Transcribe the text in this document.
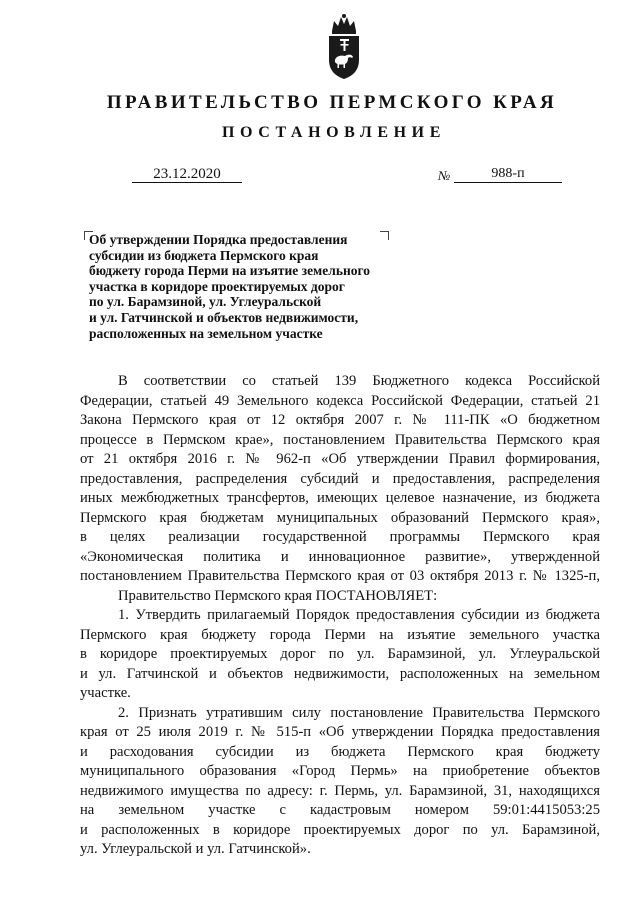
ПРАВИТЕЛЬСТВО ПЕРМСКОГО КРАЯ
ПОСТАНОВЛЕНИЕ
23.12.2020	№	988-п
Об утверждении Порядка предоставления
субсидии из бюджета Пермского края
бюджету города Перми на изъятие земельного
участка в коридоре проектируемых дорог
по ул. Барамзиной, ул. Углеуральской
и ул. Гатчинской и объектов недвижимости,
расположенных на земельном участке
В соответствии со статьей 139 Бюджетного кодекса Российской
Федерации, статьей 49 Земельного кодекса Российской Федерации, статьей 21
Закона Пермского края от 12 октября 2007 г. № 111-ПК «О бюджетном
процессе в Пермском крае», постановлением Правительства Пермского края
от 21 октября 2016 г. № 962-п «Об утверждении Правил формирования,
предоставления, распределения субсидий и предоставления, распределения
иных межбюджетных трансфертов, имеющих целевое назначение, из бюджета
Пермского края бюджетам муниципальных образований Пермского края»,
в целях реализации государственной программы Пермского края
«Экономическая политика и инновационное развитие», утвержденной
постановлением Правительства Пермского края от 03 октября 2013 г. № 1325-п,
Правительство Пермского края ПОСТАНОВЛЯЕТ:
1. Утвердить прилагаемый Порядок предоставления субсидии из бюджета
Пермского края бюджету города Перми на изъятие земельного участка
в коридоре проектируемых дорог по ул. Барамзиной, ул. Углеуральской
и ул. Гатчинской и объектов недвижимости, расположенных на земельном
участке.
2. Признать утратившим силу постановление Правительства Пермского
края от 25 июля 2019 г. № 515-п «Об утверждении Порядка предоставления
и расходования субсидии из бюджета Пермского края бюджету
муниципального образования «Город Пермь» на приобретение объектов
недвижимого имущества по адресу: г. Пермь, ул. Барамзиной, 31, находящихся
на земельном участке с кадастровым номером 59:01:4415053:25
и расположенных в коридоре проектируемых дорог по ул. Барамзиной,
ул. Углеуральской и ул. Гатчинской».
